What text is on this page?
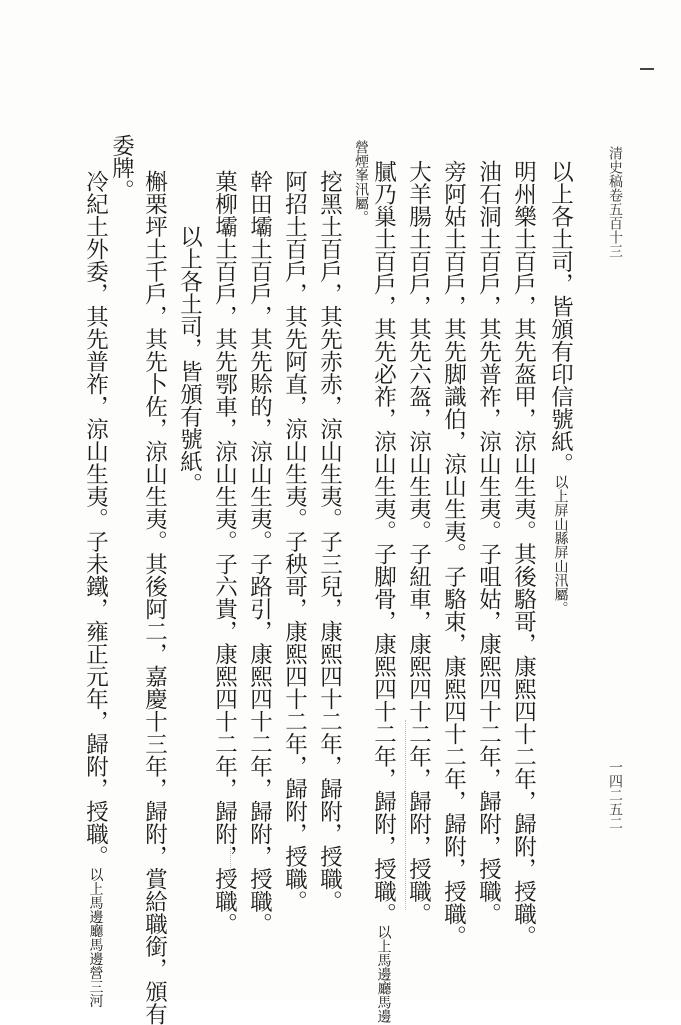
清史稿卷五百十三
一四二五二
以上各土司，皆頒有印信號紙。以上屏山縣屏山汛屬。
明州樂土百戶，其先盔甲，涼山生夷。其後駱哥，康熙四十二年，歸附，授職。
油石洞土百戶，其先普祚，涼山生夷。子咀姑，康熙四十二年，歸附，授職。
旁阿姑土百戶，其先脚識伯，涼山生夷。子駱束，康熙四十二年，歸附，授職。
大羊腸土百戶，其先六盔，涼山生夷。子紐車，康熙四十二年，歸附，授職。
膩乃巢土百戶，其先必祚，涼山生夷。子脚骨，康熙四十二年，歸附，授職。以上馬邊廳馬邊
營煙峯汛屬。
挖黑土百戶，其先赤赤，涼山生夷。子三兒，康熙四十二年，歸附，授職。
阿招土百戶，其先阿直，涼山生夷。子秧哥，康熙四十二年，歸附，授職。
幹田壩土百戶，其先賒的，涼山生夷。子路引，康熙四十二年，歸附，授職。
菓柳壩土百戶，其先鄂車，涼山生夷。子六貴，康熙四十二年，歸附，授職。
以上各土司，皆頒有號紙。
槲栗坪土千戶，其先卜佐，涼山生夷。其後阿二，嘉慶十三年，歸附，賞給職銜，頒有
委牌。
冷紀土外委，其先普祚，涼山生夷。子未鐵，雍正元年，歸附，授職。以上馬邊廳馬邊營三河
